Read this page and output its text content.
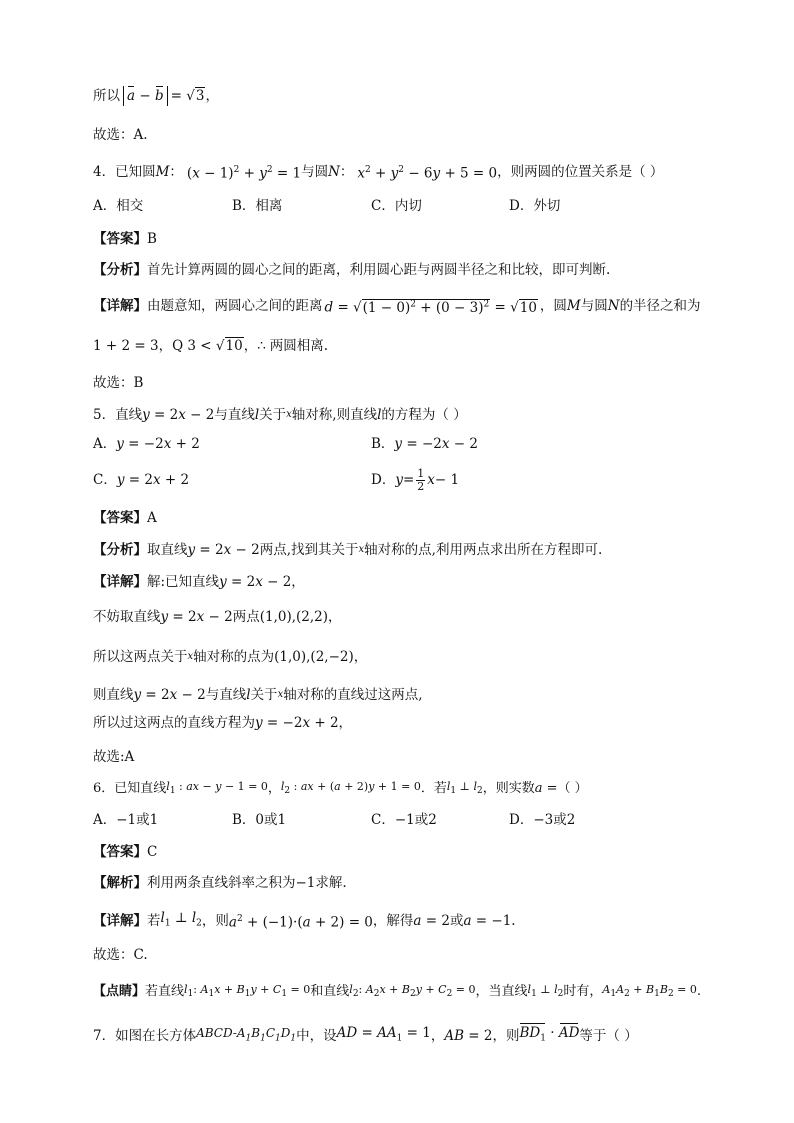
所以 a − b = √3 ，
故选：A.
4．已知圆 M ： $(x - 1)^2 + y^2 = 1$ 与圆 N ： $x^2 + y^2 - 6y + 5 = 0$ ，则两圆的位置关系是（ ）
A．相交	B．相离	C．内切	D．外切
【答案】 B
【分析】 首先计算两圆的圆心之间的距离，利用圆心距与两圆半径之和比较，即可判断.
【详解】 由题意知，两圆心之间的距离 $d = √(1 - 0)^2 + (0 - 3)^2 = √10$ ，圆 M 与圆 N 的半径之和为
1 + 2 = 3 ， Q 3 < √10 ， ∴ 两圆相离.
故选：B
5．直线 y = 2x − 2 与直线 l 关于 x 轴对称,则直线 l 的方程为（ ）
A．y = −2x + 2	B．y = −2x − 2
C．y = 2x + 2	D． $y = \frac{1}{2}$ x − 1
【答案】 A
【分析】 取直线 y = 2x − 2 两点,找到其关于 x 轴对称的点,利用两点求出所在方程即可.
【详解】 解:已知直线 y = 2x − 2 ，
不妨取直线 y = 2x − 2 两点 (1,0),(2,2) ，
所以这两点关于 x 轴对称的点为 (1,0),(2,−2) ，
则直线 y = 2x − 2 与直线 l 关于 x 轴对称的直线过这两点,
所以过这两点的直线方程为 y = −2x + 2 ，
故选:A
6．已知直线 $l_1$ : ax − y − 1 = 0 ， $l_2$ : ax + (a + 2)y + 1 = 0 ．若 $l_1$ ⊥ $l_2$ ，则实数 a = （ ）
A．−1或1	B．0或1	C．−1或2	D．−3或2
【答案】 C
【解析】 利用两条直线斜率之积为 −1 求解.
【详解】 若 $l_1$ ⊥ $l_2$ ，则 $a^2 + (-1)\cdot(a + 2) = 0$ ，解得 a = 2 或 a = −1 .
故选：C.
【点睛】 若直线 $l_1$: $A_1x + B_1y + C_1 = 0$ 和直线 $l_2$: $A_2x + B_2y + C_2 = 0$ ，当直线 $l_1$ ⊥ $l_2$ 时有， $A_1A_2 + B_1B_2 = 0$ .
7．如图在长方体 ABCD-$A_1B_1C_1D_1$ 中，设 AD = $AA_1 = 1$ ， AB = 2 ，则 $BD_1$ · AD 等于（ ）
